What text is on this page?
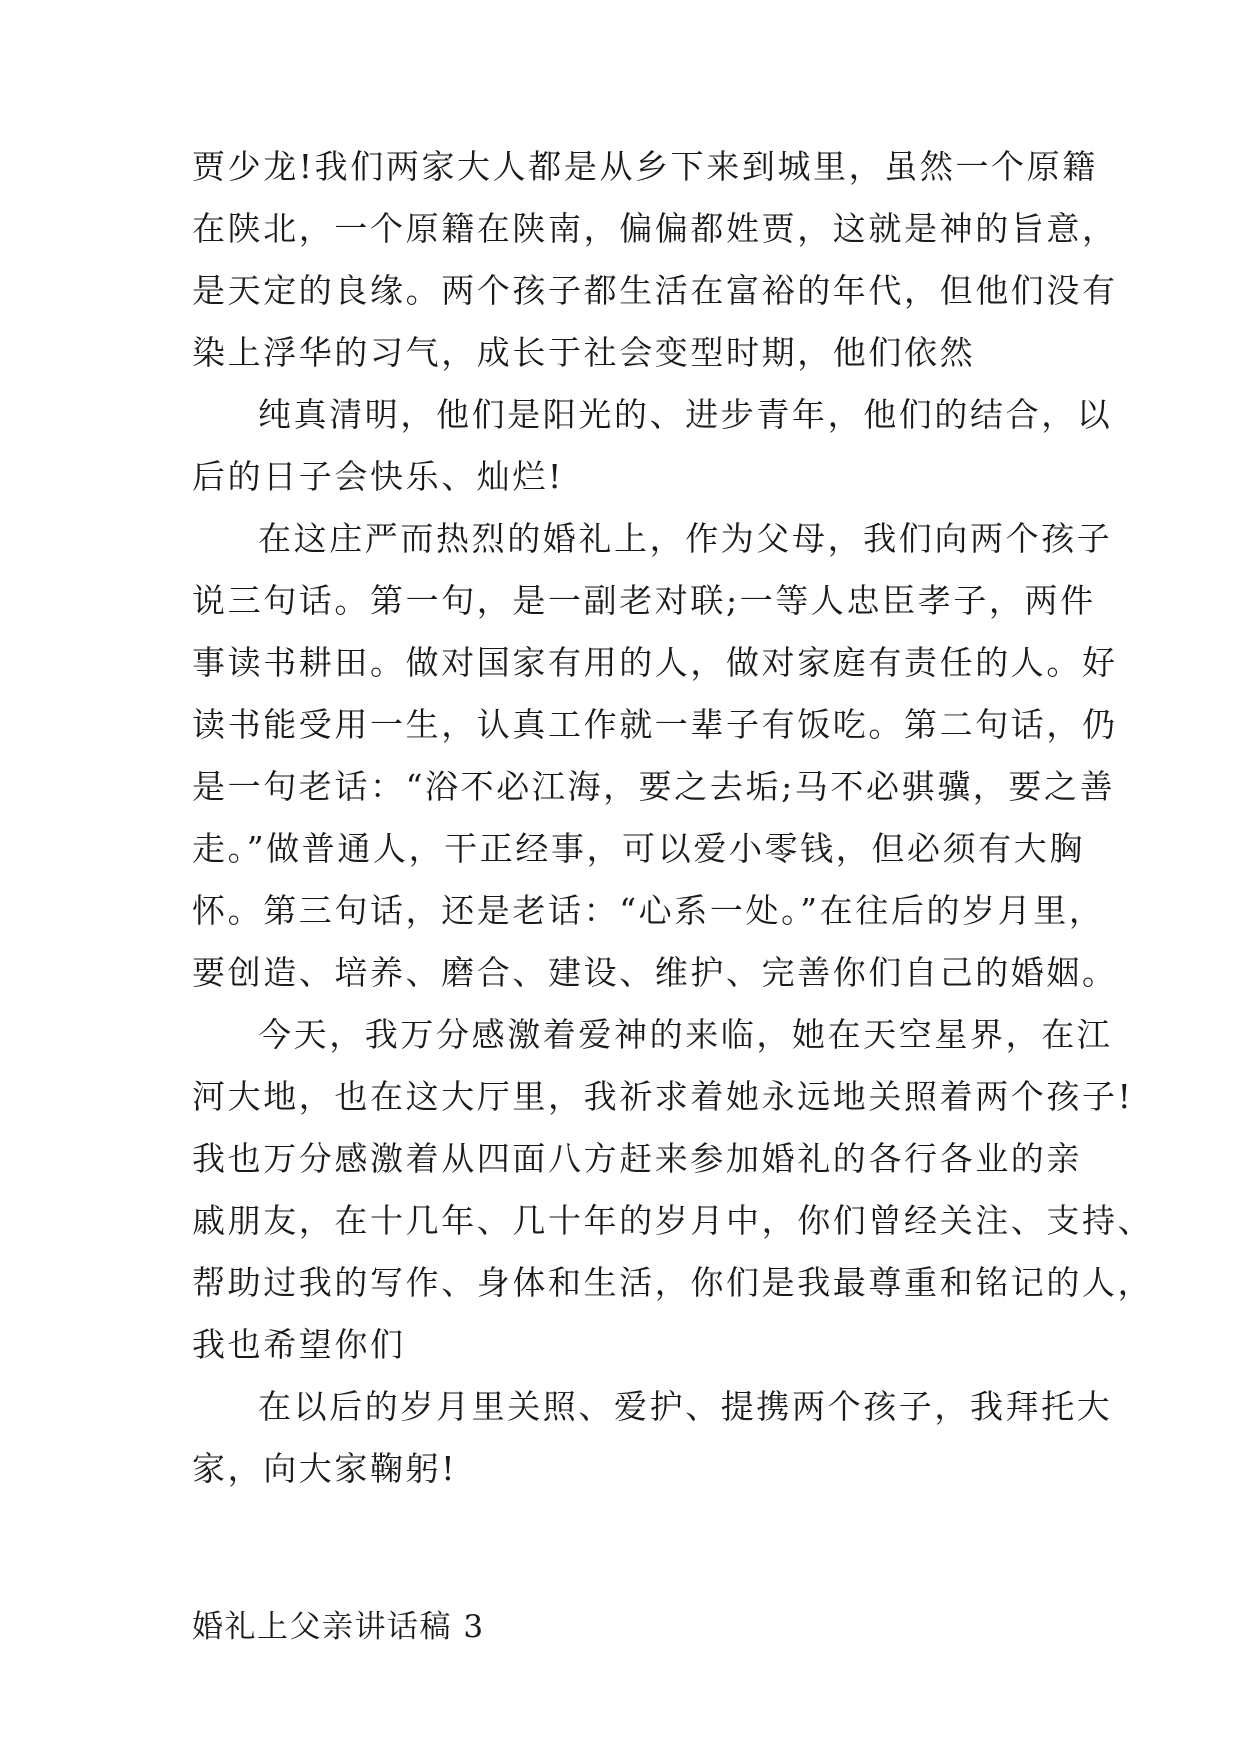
贾少龙!我们两家大人都是从乡下来到城里，虽然一个原籍
在陕北，一个原籍在陕南，偏偏都姓贾，这就是神的旨意，
是天定的良缘。两个孩子都生活在富裕的年代，但他们没有
染上浮华的习气，成长于社会变型时期，他们依然
纯真清明，他们是阳光的、进步青年，他们的结合，以
后的日子会快乐、灿烂!
在这庄严而热烈的婚礼上，作为父母，我们向两个孩子
说三句话。第一句，是一副老对联;一等人忠臣孝子，两件
事读书耕田。做对国家有用的人，做对家庭有责任的人。好
读书能受用一生，认真工作就一辈子有饭吃。第二句话，仍
是一句老话：“浴不必江海，要之去垢;马不必骐骥，要之善
走。”做普通人，干正经事，可以爱小零钱，但必须有大胸
怀。第三句话，还是老话：“心系一处。”在往后的岁月里，
要创造、培养、磨合、建设、维护、完善你们自己的婚姻。
今天，我万分感激着爱神的来临，她在天空星界，在江
河大地，也在这大厅里，我祈求着她永远地关照着两个孩子!
我也万分感激着从四面八方赶来参加婚礼的各行各业的亲
戚朋友，在十几年、几十年的岁月中，你们曾经关注、支持、
帮助过我的写作、身体和生活，你们是我最尊重和铭记的人，
我也希望你们
在以后的岁月里关照、爱护、提携两个孩子，我拜托大
家，向大家鞠躬!
婚礼上父亲讲话稿 3
